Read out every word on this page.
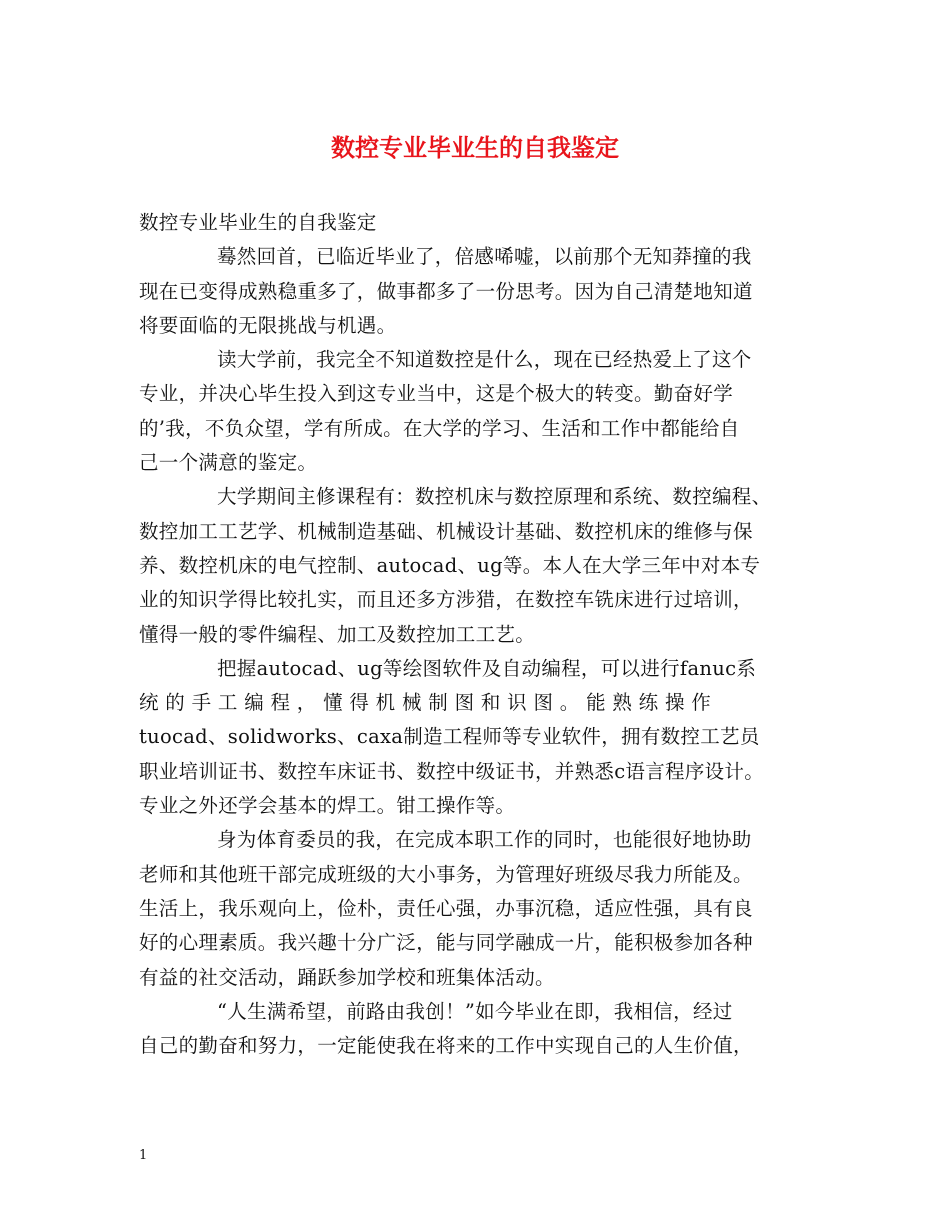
数控专业毕业生的自我鉴定
数控专业毕业生的自我鉴定
蓦然回首，已临近毕业了，倍感唏嘘，以前那个无知莽撞的我
现在已变得成熟稳重多了，做事都多了一份思考。因为自己清楚地知道
将要面临的无限挑战与机遇。
读大学前，我完全不知道数控是什么，现在已经热爱上了这个
专业，并决心毕生投入到这专业当中，这是个极大的转变。勤奋好学
的’我，不负众望，学有所成。在大学的学习、生活和工作中都能给自
己一个满意的鉴定。
大学期间主修课程有：数控机床与数控原理和系统、数控编程、
数控加工工艺学、机械制造基础、机械设计基础、数控机床的维修与保
养、数控机床的电气控制、autocad、ug等。本人在大学三年中对本专
业的知识学得比较扎实，而且还多方涉猎，在数控车铣床进行过培训，
懂得一般的零件编程、加工及数控加工工艺。
把握autocad、ug等绘图软件及自动编程，可以进行fanuc系
统 的 手 工 编 程 ， 懂 得 机 械 制 图 和 识 图 。 能 熟 练 操 作
tuocad、solidworks、caxa制造工程师等专业软件，拥有数控工艺员
职业培训证书、数控车床证书、数控中级证书，并熟悉c语言程序设计。
专业之外还学会基本的焊工。钳工操作等。
身为体育委员的我，在完成本职工作的同时，也能很好地协助
老师和其他班干部完成班级的大小事务，为管理好班级尽我力所能及。
生活上，我乐观向上，俭朴，责任心强，办事沉稳，适应性强，具有良
好的心理素质。我兴趣十分广泛，能与同学融成一片，能积极参加各种
有益的社交活动，踊跃参加学校和班集体活动。
“人生满希望，前路由我创！”如今毕业在即，我相信，经过
自己的勤奋和努力，一定能使我在将来的工作中实现自己的人生价值，
1
